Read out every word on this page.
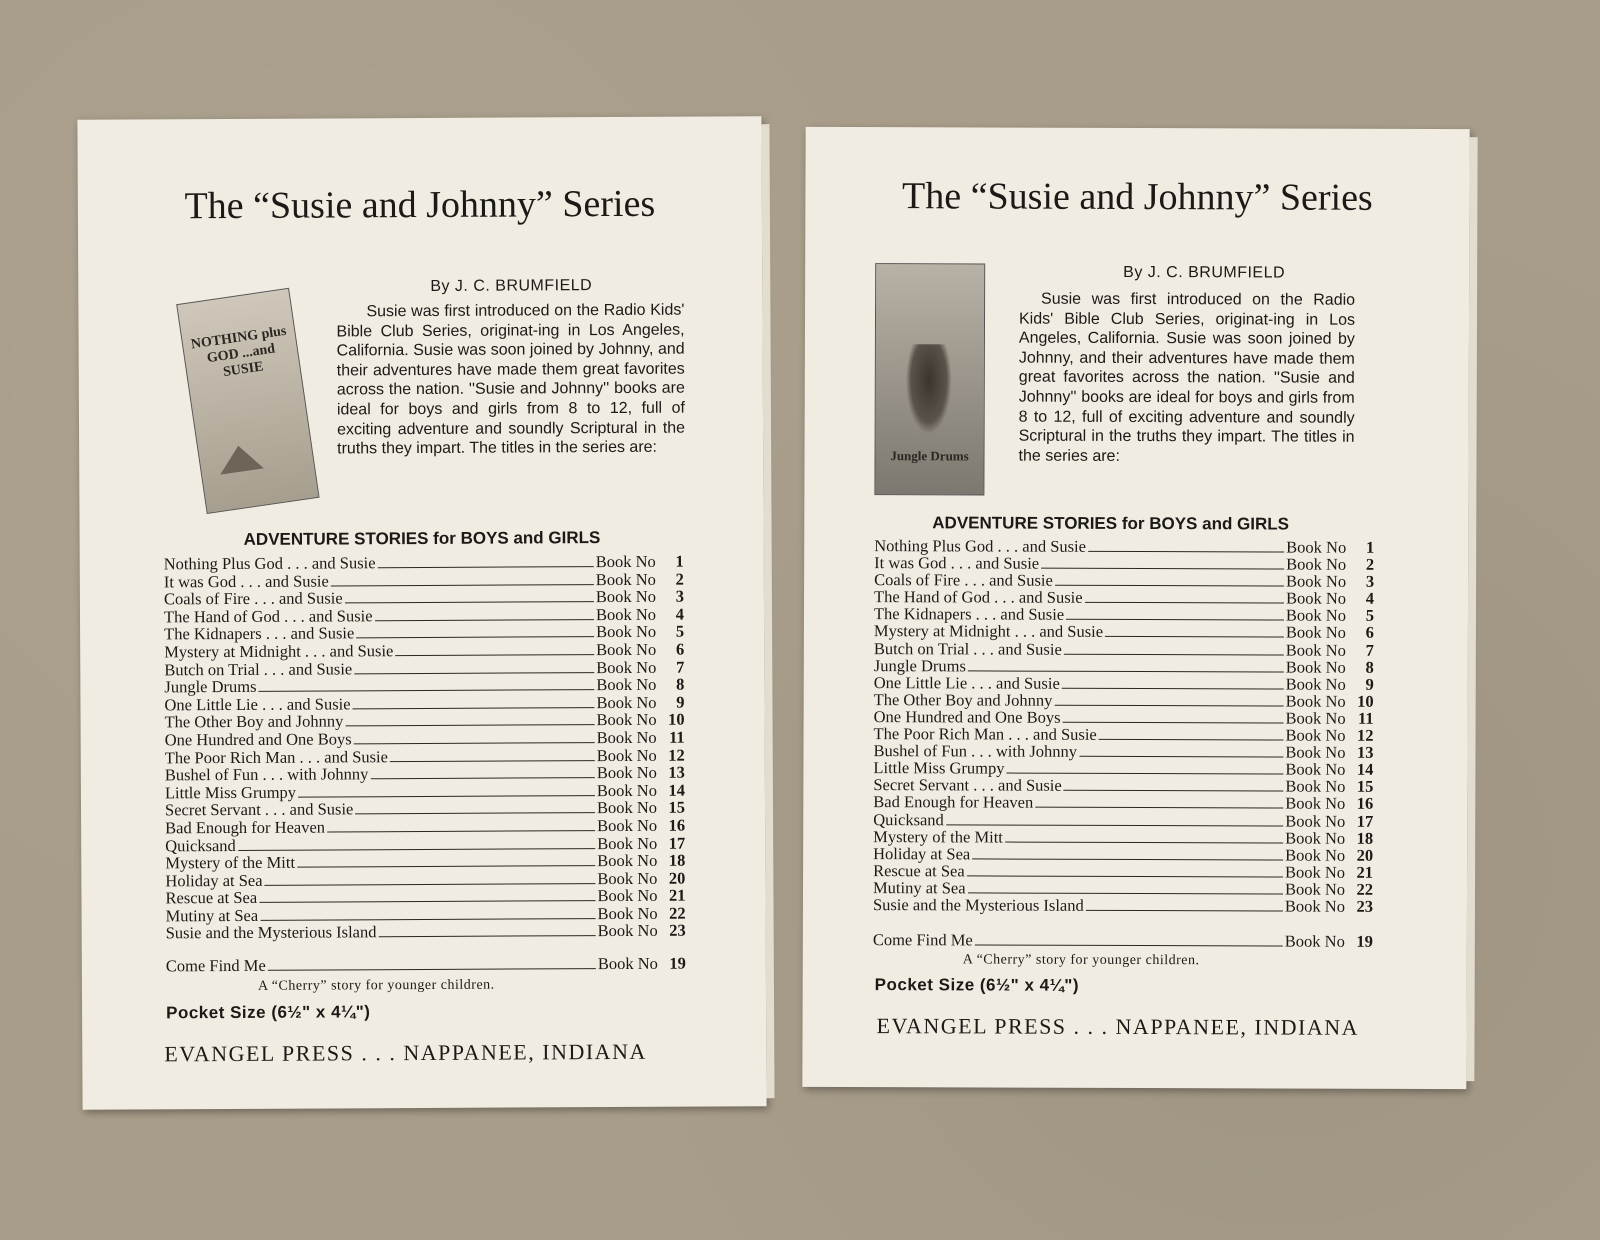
The “Susie and Johnny” Series
By J. C. BRUMFIELD
NOTHING plus GOD ...and SUSIE

Susie was first introduced on the Radio Kids' Bible Club Series, originat-ing in Los Angeles, California. Susie was soon joined by Johnny, and their adventures have made them great favorites across the nation. ''Susie and Johnny'' books are ideal for boys and girls from 8 to 12, full of exciting adventure and soundly Scriptural in the truths they impart. The titles in the series are:

ADVENTURE STORIES for BOYS and GIRLS
Nothing Plus God . . . and Susie	Book No	1
It was God . . . and Susie	Book No	2
Coals of Fire . . . and Susie	Book No	3
The Hand of God . . . and Susie	Book No	4
The Kidnapers . . . and Susie	Book No	5
Mystery at Midnight . . . and Susie	Book No	6
Butch on Trial . . . and Susie	Book No	7
Jungle Drums	Book No	8
One Little Lie . . . and Susie	Book No	9
The Other Boy and Johnny	Book No 10
One Hundred and One Boys	Book No 11
The Poor Rich Man . . . and Susie	Book No 12
Bushel of Fun . . . with Johnny	Book No 13
Little Miss Grumpy	Book No 14
Secret Servant . . . and Susie	Book No 15
Bad Enough for Heaven	Book No 16
Quicksand	Book No 17
Mystery of the Mitt	Book No 18
Holiday at Sea	Book No 20
Rescue at Sea	Book No 21
Mutiny at Sea	Book No 22
Susie and the Mysterious Island	Book No 23
Come Find Me	Book No 19
A “Cherry” story for younger children.
Pocket Size (6½" x 4¼")
EVANGEL PRESS . . . NAPPANEE, INDIANA
The “Susie and Johnny” Series
By J. C. BRUMFIELD
Jungle Drums

Susie was first introduced on the Radio Kids' Bible Club Series, originat-ing in Los Angeles, California. Susie was soon joined by Johnny, and their adventures have made them great favorites across the nation. ''Susie and Johnny'' books are ideal for boys and girls from 8 to 12, full of exciting adventure and soundly Scriptural in the truths they impart. The titles in the series are:

ADVENTURE STORIES for BOYS and GIRLS
Nothing Plus God . . . and Susie	Book No	1
It was God . . . and Susie	Book No	2
Coals of Fire . . . and Susie	Book No	3
The Hand of God . . . and Susie	Book No	4
The Kidnapers . . . and Susie	Book No	5
Mystery at Midnight . . . and Susie	Book No	6
Butch on Trial . . . and Susie	Book No	7
Jungle Drums	Book No	8
One Little Lie . . . and Susie	Book No	9
The Other Boy and Johnny	Book No 10
One Hundred and One Boys	Book No 11
The Poor Rich Man . . . and Susie	Book No 12
Bushel of Fun . . . with Johnny	Book No 13
Little Miss Grumpy	Book No 14
Secret Servant . . . and Susie	Book No 15
Bad Enough for Heaven	Book No 16
Quicksand	Book No 17
Mystery of the Mitt	Book No 18
Holiday at Sea	Book No 20
Rescue at Sea	Book No 21
Mutiny at Sea	Book No 22
Susie and the Mysterious Island	Book No 23
Come Find Me	Book No 19
A “Cherry” story for younger children.
Pocket Size (6½" x 4¼")
EVANGEL PRESS . . . NAPPANEE, INDIANA
